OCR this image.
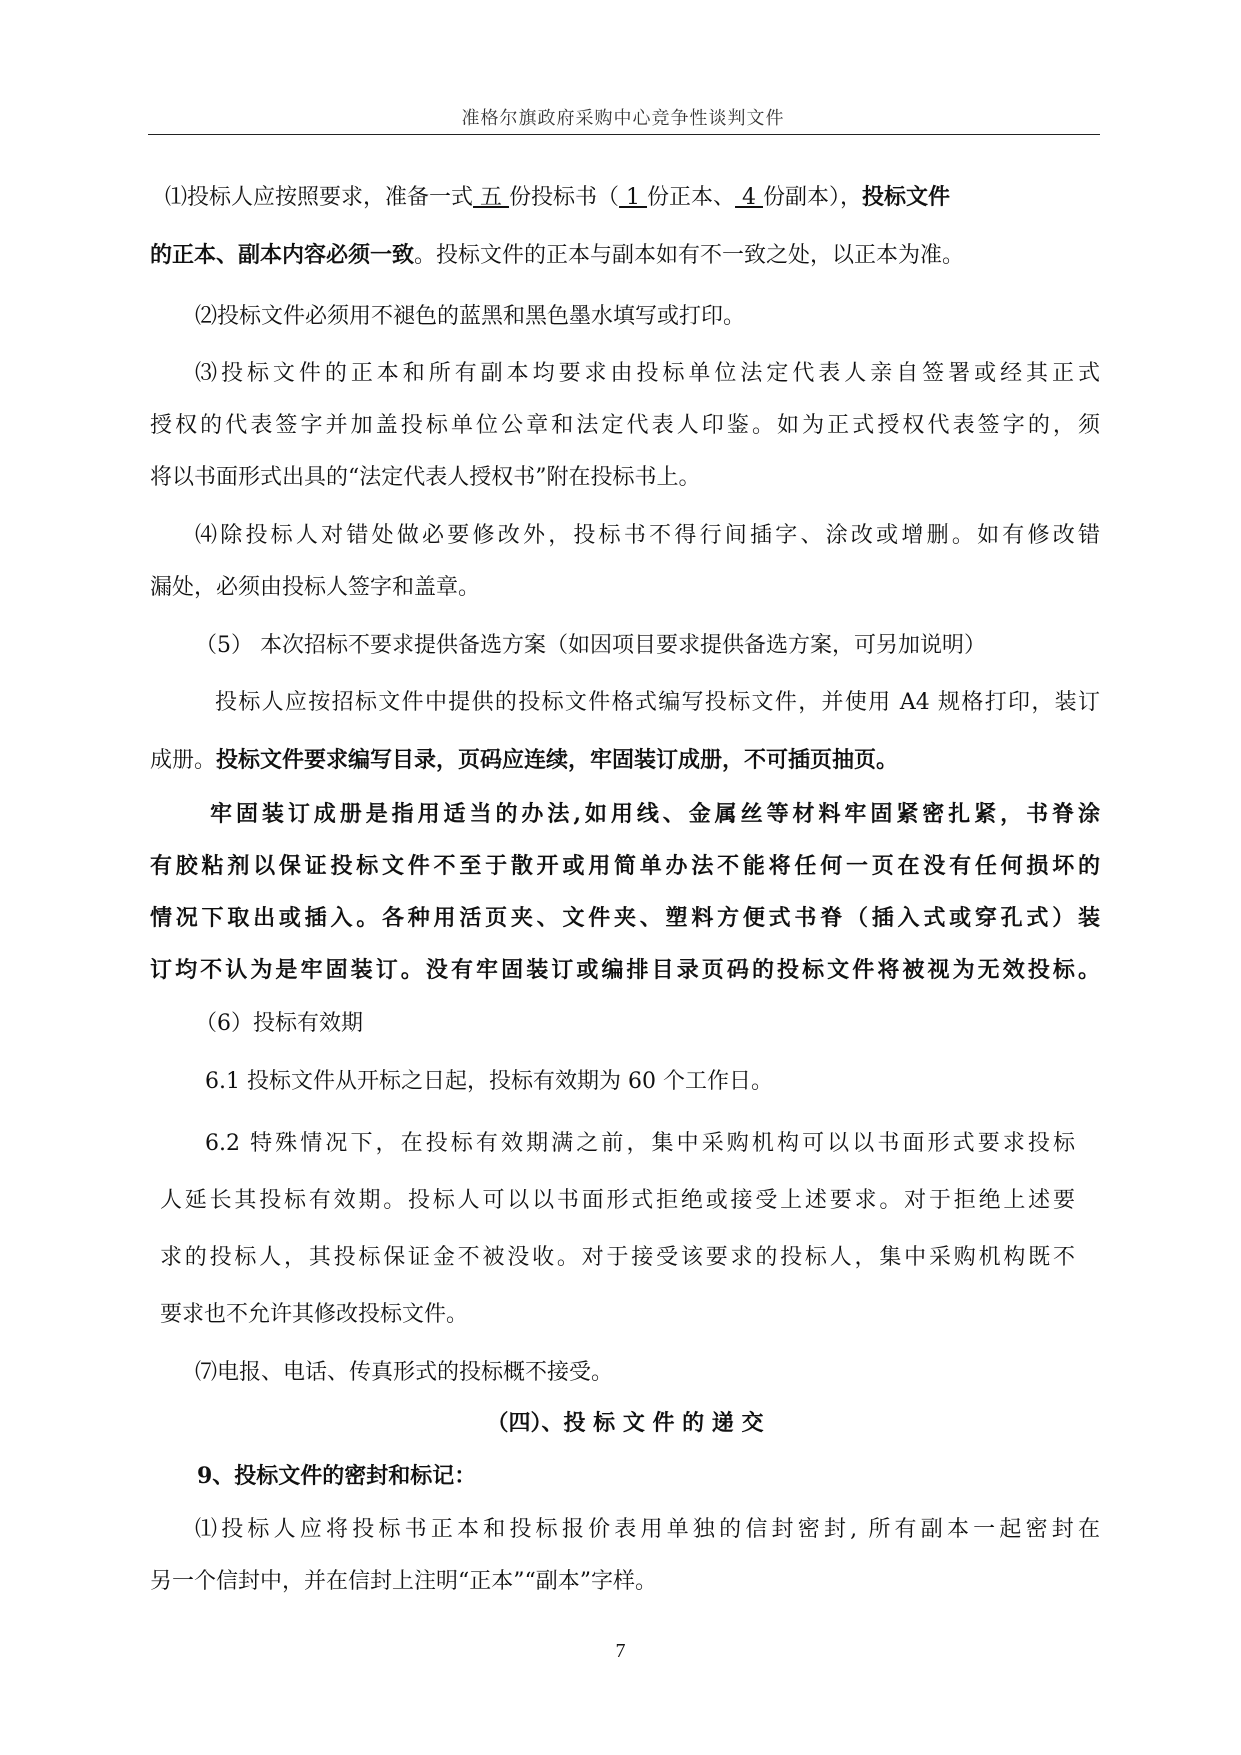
准格尔旗政府采购中心竞争性谈判文件
⑴投标人应按照要求，准备一式 五 份投标书（ 1 份正本、 4 份副本），投标文件
的正本、副本内容必须一致。投标文件的正本与副本如有不一致之处，以正本为准。
⑵投标文件必须用不褪色的蓝黑和黑色墨水填写或打印。
⑶投标文件的正本和所有副本均要求由投标单位法定代表人亲自签署或经其正式
授权的代表签字并加盖投标单位公章和法定代表人印鉴。如为正式授权代表签字的，须
将以书面形式出具的“法定代表人授权书”附在投标书上。
⑷除投标人对错处做必要修改外，投标书不得行间插字、涂改或增删。如有修改错
漏处，必须由投标人签字和盖章。
（5） 本次招标不要求提供备选方案（如因项目要求提供备选方案，可另加说明）
投标人应按招标文件中提供的投标文件格式编写投标文件，并使用 A4 规格打印，装订
成册。投标文件要求编写目录，页码应连续，牢固装订成册，不可插页抽页。
牢固装订成册是指用适当的办法,如用线、金属丝等材料牢固紧密扎紧，书脊涂
有胶粘剂以保证投标文件不至于散开或用简单办法不能将任何一页在没有任何损坏的
情况下取出或插入。各种用活页夹、文件夹、塑料方便式书脊（插入式或穿孔式）装
订均不认为是牢固装订。没有牢固装订或编排目录页码的投标文件将被视为无效投标。
（6）投标有效期
6.1 投标文件从开标之日起，投标有效期为 60 个工作日。
6.2 特殊情况下，在投标有效期满之前，集中采购机构可以以书面形式要求投标
人延长其投标有效期。投标人可以以书面形式拒绝或接受上述要求。对于拒绝上述要
求的投标人，其投标保证金不被没收。对于接受该要求的投标人，集中采购机构既不
要求也不允许其修改投标文件。
⑺电报、电话、传真形式的投标概不接受。
（四）、投 标 文 件 的 递 交
9、投标文件的密封和标记：
⑴投标人应将投标书正本和投标报价表用单独的信封密封, 所有副本一起密封在
另一个信封中，并在信封上注明“正本”“副本”字样。
7
